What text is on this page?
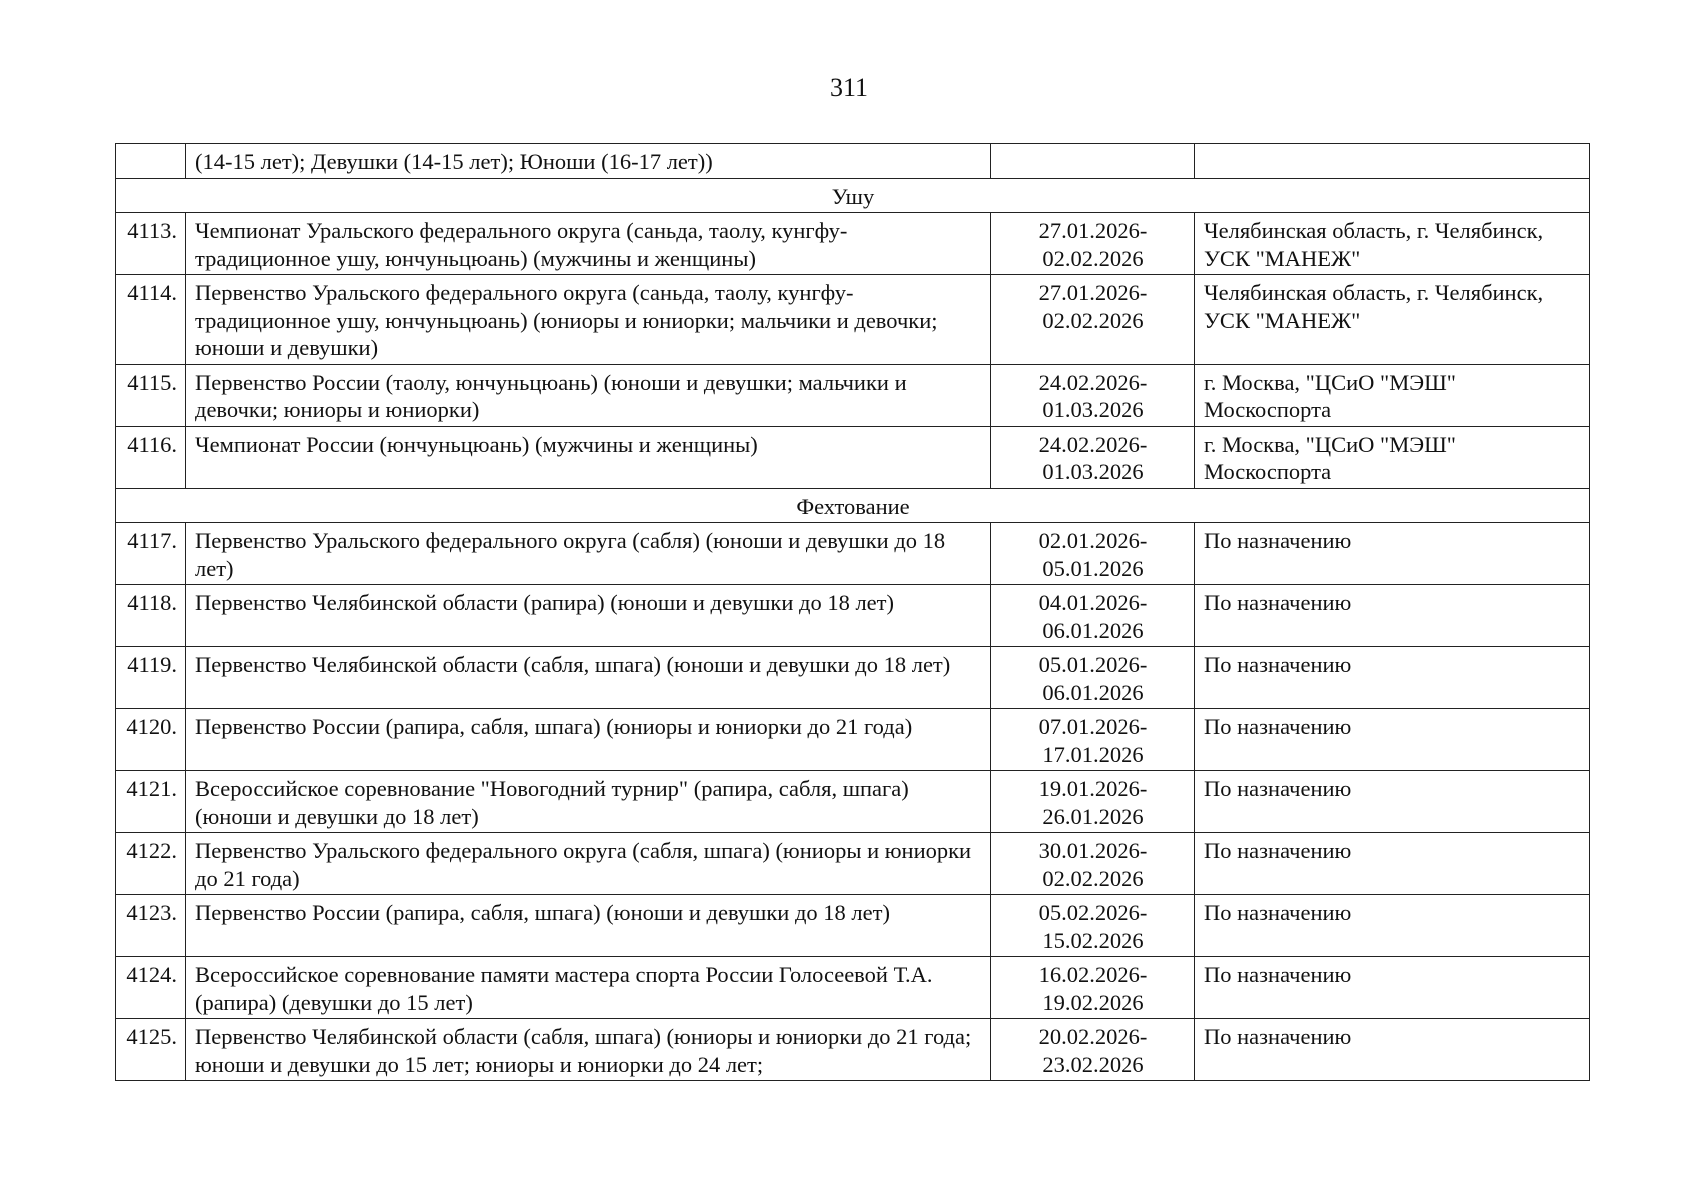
311
	(14-15 лет); Девушки (14-15 лет); Юноши (16-17 лет))		
Ушу			
4113.	Чемпионат Уральского федерального округа (саньда, таолу, кунгфу-традиционное ушу, юнчуньцюань) (мужчины и женщины)	27.01.2026-
02.02.2026	Челябинская область, г. Челябинск, УСК "МАНЕЖ"
4114.	Первенство Уральского федерального округа (саньда, таолу, кунгфу-традиционное ушу, юнчуньцюань) (юниоры и юниорки; мальчики и девочки; юноши и девушки)	27.01.2026-
02.02.2026	Челябинская область, г. Челябинск, УСК "МАНЕЖ"
4115.	Первенство России (таолу, юнчуньцюань) (юноши и девушки; мальчики и девочки; юниоры и юниорки)	24.02.2026-
01.03.2026	г. Москва, "ЦСиО "МЭШ" Москоспорта
4116.	Чемпионат России (юнчуньцюань) (мужчины и женщины)	24.02.2026-
01.03.2026	г. Москва, "ЦСиО "МЭШ" Москоспорта
Фехтование			
4117.	Первенство Уральского федерального округа (сабля) (юноши и девушки до 18 лет)	02.01.2026-
05.01.2026	По назначению
4118.	Первенство Челябинской области (рапира) (юноши и девушки до 18 лет)	04.01.2026-
06.01.2026	По назначению
4119.	Первенство Челябинской области (сабля, шпага) (юноши и девушки до 18 лет)	05.01.2026-
06.01.2026	По назначению
4120.	Первенство России (рапира, сабля, шпага) (юниоры и юниорки до 21 года)	07.01.2026-
17.01.2026	По назначению
4121.	Всероссийское соревнование "Новогодний турнир" (рапира, сабля, шпага) (юноши и девушки до 18 лет)	19.01.2026-
26.01.2026	По назначению
4122.	Первенство Уральского федерального округа (сабля, шпага) (юниоры и юниорки до 21 года)	30.01.2026-
02.02.2026	По назначению
4123.	Первенство России (рапира, сабля, шпага) (юноши и девушки до 18 лет)	05.02.2026-
15.02.2026	По назначению
4124.	Всероссийское соревнование памяти мастера спорта России Голосеевой Т.А. (рапира) (девушки до 15 лет)	16.02.2026-
19.02.2026	По назначению
4125.	Первенство Челябинской области (сабля, шпага) (юниоры и юниорки до 21 года; юноши и девушки до 15 лет; юниоры и юниорки до 24 лет;	20.02.2026-
23.02.2026	По назначению
